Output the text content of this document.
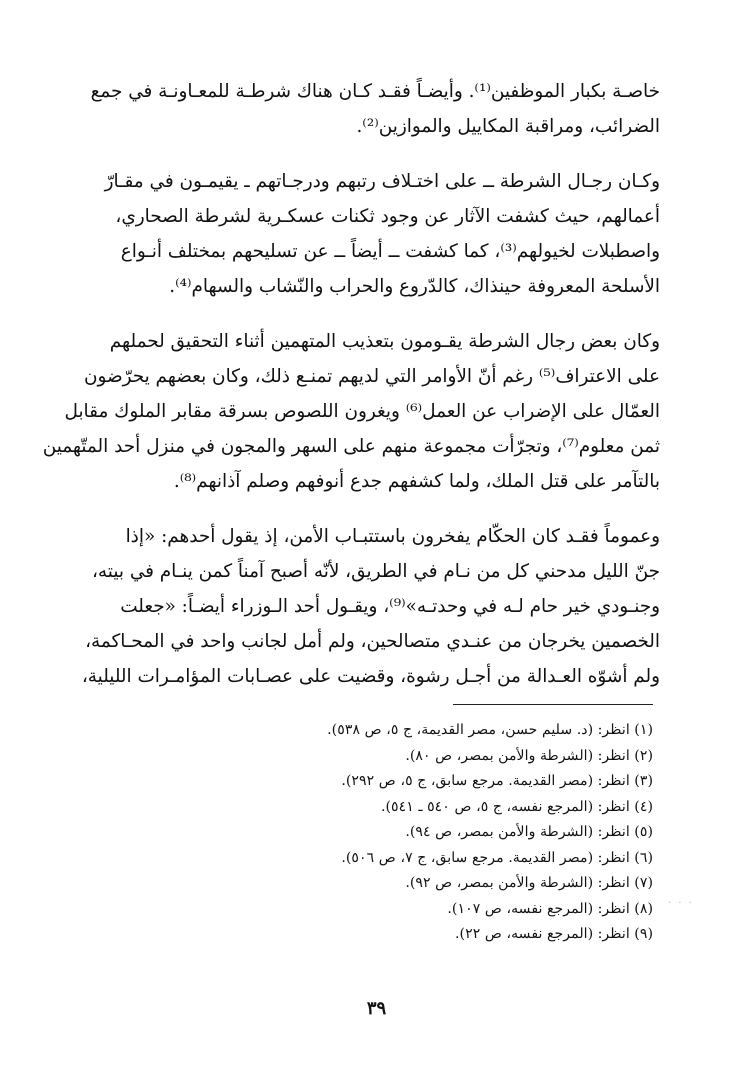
خاصـة بكبار الموظفين⁽¹⁾. وأيضـاً فقـد كـان هناك شرطـة للمعـاونـة في جمع
الضرائب، ومراقبة المكاييل والموازين⁽²⁾.

وكـان رجـال الشرطة ــ على اختـلاف رتبهم ودرجـاتهم ـ يقيمـون في مقـارّ
أعمالهم، حيث كشفت الآثار عن وجود ثكنات عسكـرية لشرطة الصحاري،
واصطبلات لخيولهم⁽³⁾، كما كشفت ــ أيضاً ــ عن تسليحهم بمختلف أنـواع
الأسلحة المعروفة حينذاك، كالدّروع والحراب والنّشاب والسهام⁽⁴⁾.

وكان بعض رجال الشرطة يقـومون بتعذيب المتهمين أثناء التحقيق لحملهم
على الاعتراف⁽⁵⁾ رغم أنّ الأوامر التي لديهم تمنـع ذلك، وكان بعضهم يحرّضون
العمّال على الإضراب عن العمل⁽⁶⁾ ويغرون اللصوص بسرقة مقابر الملوك مقابل
ثمن معلوم⁽⁷⁾، وتجرّأت مجموعة منهم على السهر والمجون في منزل أحد المتّهمين
بالتآمر على قتل الملك، ولما كشفهم جدع أنوفهم وصلم آذانهم⁽⁸⁾.

وعموماً فقـد كان الحكّام يفخرون باستتبـاب الأمن، إذ يقول أحدهم: «إذا
جنّ الليل مدحني كل من نـام في الطريق، لأنّه أصبح آمناً كمن ينـام في بيته،
وجنـودي خير حام لـه في وحدتـه»⁽⁹⁾، ويقـول أحد الـوزراء أيضـاً: «جعلت
الخصمين يخرجان من عنـدي متصالحين، ولم أمل لجانب واحد في المحـاكمة،
ولم أشوّه العـدالة من أجـل رشوة، وقضيت على عصـابات المؤامـرات الليلية،

(١) انظر: (د. سليم حسن، مصر القديمة، ج ٥، ص ٥٣٨).
(٢) انظر: (الشرطة والأمن بمصر، ص ٨٠).
(٣) انظر: (مصر القديمة. مرجع سابق، ج ٥، ص ٢٩٢).
(٤) انظر: (المرجع نفسه، ج ٥، ص ٥٤٠ ـ ٥٤١).
(٥) انظر: (الشرطة والأمن بمصر، ص ٩٤).
(٦) انظر: (مصر القديمة. مرجع سابق، ج ٧، ص ٥٠٦).
(٧) انظر: (الشرطة والأمن بمصر، ص ٩٢).
(٨) انظر: (المرجع نفسه، ص ١٠٧).
(٩) انظر: (المرجع نفسه، ص ٢٢).
· · ·
٣٩
